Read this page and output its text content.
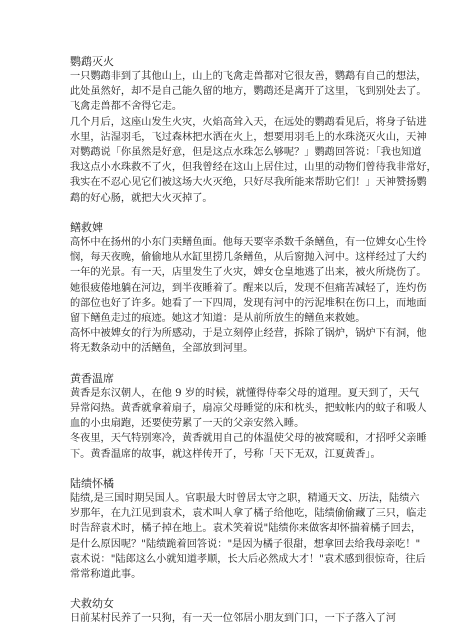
鹦鹉灭火

一只鹦鹉非到了其他山上，山上的飞禽走兽都对它很友善，鹦鹉有自己的想法，

此处虽然好，却不是自己能久留的地方，鹦鹉还是离开了这里，飞到别处去了。

飞禽走兽都不舍得它走。

几个月后，这座山发生火灾，火焰高耸入天，在远处的鹦鹉看见后，将身子钻进

水里，沾湿羽毛，飞过森林把水洒在火上，想要用羽毛上的水珠浇灭火山，天神

对鹦鹉说「你虽然是好意，但是这点水珠怎么够呢？」鹦鹉回答说：「我也知道

我这点小水珠救不了火，但我曾经在这山上居住过，山里的动物们曾待我非常好，

我实在不忍心见它们被这场大火灭绝，只好尽我所能来帮助它们！」天神赞扬鹦

鹉的好心肠，就把大火灭掉了。

鳝救婢

高怀中在扬州的小东门卖鳝鱼面。他每天要宰杀数千条鳝鱼，有一位婢女心生怜

悯，每天夜晚，偷偷地从水缸里捞几条鳝鱼，从后窗抛入河中。这样经过了大约

一年的光景。有一天，店里发生了火灾，婢女仓皇地逃了出来，被火所烧伤了。

她很疲倦地躺在河边，到半夜睡着了。醒来以后，发现不但痛苦减轻了，连灼伤

的部位也好了许多。她看了一下四周，发现有河中的污泥堆积在伤口上，而地面

留下鳝鱼走过的痕迹。她这才知道：是从前所放生的鳝鱼来救她。

高怀中被婢女的行为所感动，于是立刻停止经营，拆除了锅炉，锅炉下有洞，他

将无数条动中的活鳝鱼，全部放到河里。

黄香温席

黄香是东汉朝人，在他 9 岁的时候，就懂得侍奉父母的道理。夏天到了，天气

异常闷热。黄香就拿着扇子，扇凉父母睡觉的床和枕头，把蚊帐内的蚊子和吸人

血的小虫扇跑，还要使劳累了一天的父亲安然入睡。

冬夜里，天气特别寒冷，黄香就用自己的体温使父母的被窝暖和，才招呼父亲睡

下。黄香温席的故事，就这样传开了，号称「天下无双，江夏黄香」。

陆绩怀橘

陆绩,是三国时期吴国人。官职最大时曾居太守之职，精通天文、历法，陆绩六

岁那年，在九江见到袁术，袁术叫人拿了橘子给他吃，陆绩偷偷藏了三只，临走

时告辞袁术时，橘子掉在地上。袁术笑着说"陆绩你来做客却怀揣着橘子回去，

是什么原因呢？"陆绩跪着回答说："是因为橘子很甜，想拿回去给我母亲吃！"

袁术说："陆郎这么小就知道孝顺，长大后必然成大才！"袁术感到很惊奇，往后

常常称道此事。

犬救幼女

日前某村民养了一只狗，有一天一位邻居小朋友到门口，一下子落入了河
